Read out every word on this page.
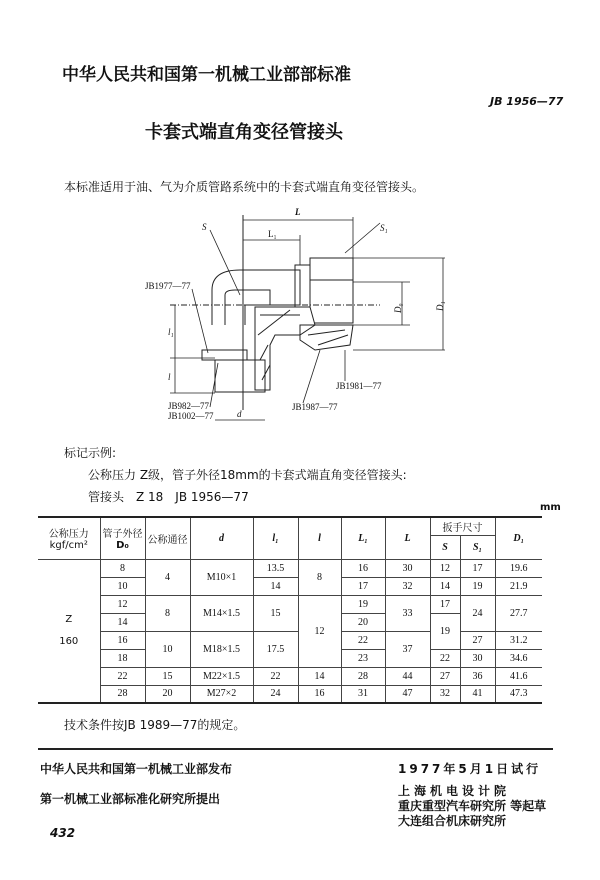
中华人民共和国第一机械工业部部标准
JB 1956—77
卡套式端直角变径管接头
本标准适用于油、气为介质管路系统中的卡套式端直角变径管接头。
L
L₁
S	S₁
D₀	D₁
l₁
l
d
JB1977—77
JB982—77
JB1002—77
JB1987—77
JB1981—77
标记示例:
公称压力 Z级，管子外径18mm的卡套式端直角变径管接头:
管接头　Z 18　JB 1956—77
mm
公称压力
kgf/cm²	管子外径
D₀	公称通径	d	l₁	l	L₁	L	扳手尺寸		D₁
								S	S₁	
Z

160	8	4	M10×1	13.5	8	16	30	12	17	19.6
	10			14		17	32	14	19	21.9
	12	8	M14×1.5	15	12	19	33	17	24	27.7
	14					20		19		
	16	10	M18×1.5	17.5		22	37		27	31.2
	18					23		22	30	34.6
	22	15	M22×1.5	22	14	28	44	27	36	41.6
	28	20	M27×2	24	16	31	47	32	41	47.3
技术条件按JB 1989—77的规定。
中华人民共和国第一机械工业部发布	1977年5月1日试行
第一机械工业部标准化研究所提出
上海机电设计院
重庆重型汽车研究所 等起草
大连组合机床研究所
432
